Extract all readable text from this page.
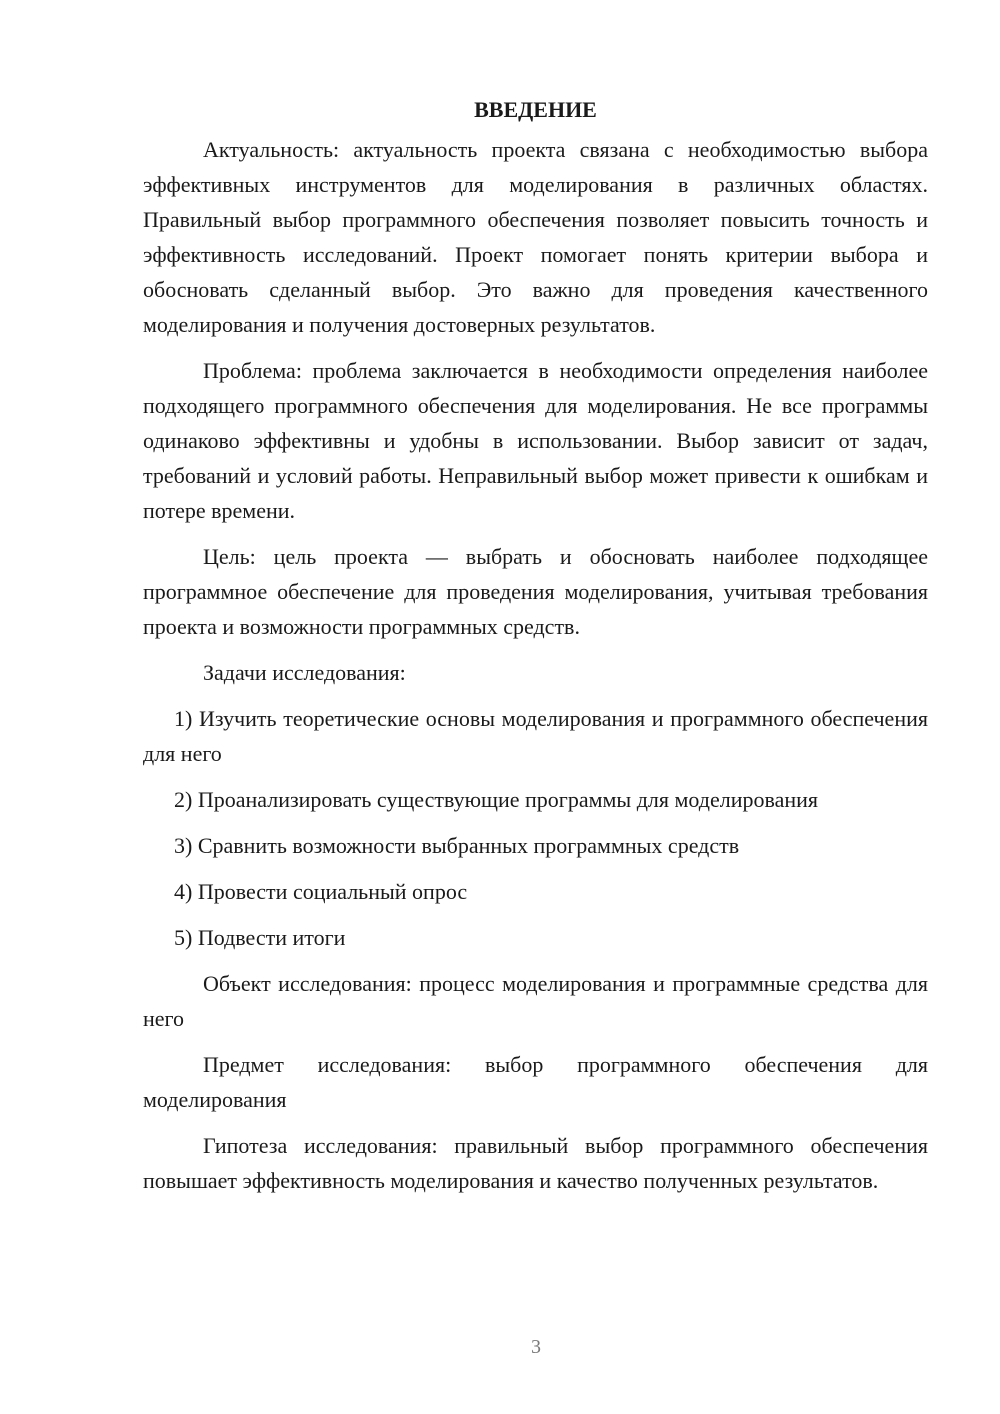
ВВЕДЕНИЕ

Актуальность: актуальность проекта связана с необходимостью выбора эффективных инструментов для моделирования в различных областях. Правильный выбор программного обеспечения позволяет повысить точность и эффективность исследований. Проект помогает понять критерии выбора и обосновать сделанный выбор. Это важно для проведения качественного моделирования и получения достоверных результатов.

Проблема: проблема заключается в необходимости определения наиболее подходящего программного обеспечения для моделирования. Не все программы одинаково эффективны и удобны в использовании. Выбор зависит от задач, требований и условий работы. Неправильный выбор может привести к ошибкам и потере времени.

Цель: цель проекта — выбрать и обосновать наиболее подходящее программное обеспечение для проведения моделирования, учитывая требования проекта и возможности программных средств.

Задачи исследования:

1) Изучить теоретические основы моделирования и программного обеспечения для него

2) Проанализировать существующие программы для моделирования

3) Сравнить возможности выбранных программных средств

4) Провести социальный опрос

5) Подвести итоги

Объект исследования: процесс моделирования и программные средства для него

Предмет исследования: выбор программного обеспечения для моделирования

Гипотеза исследования: правильный выбор программного обеспечения повышает эффективность моделирования и качество полученных результатов.

3
